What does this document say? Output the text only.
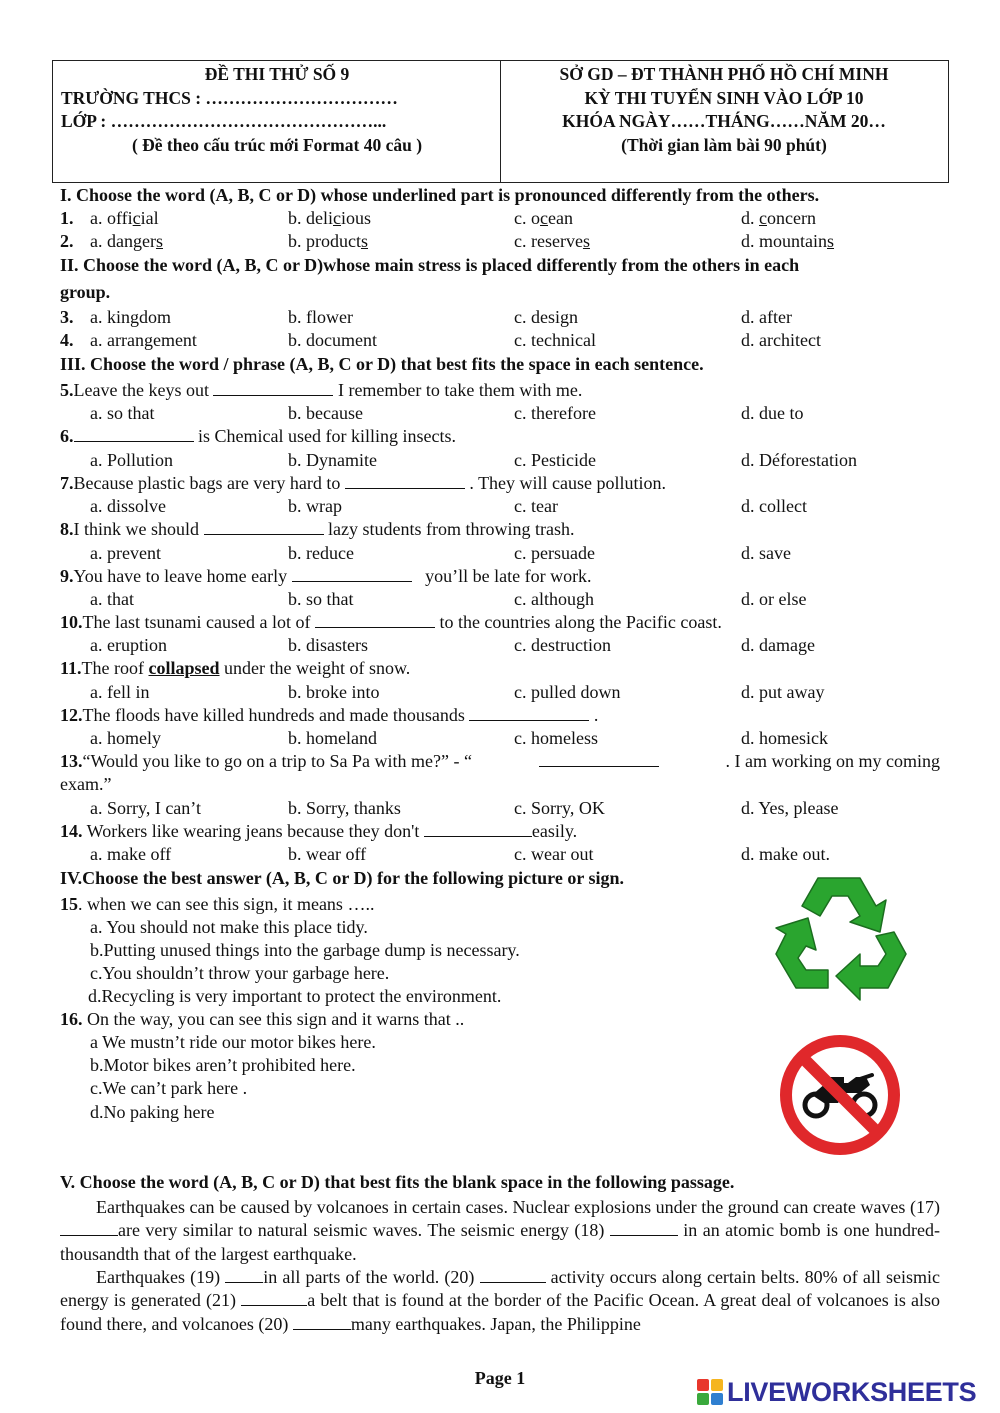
ĐỀ THI THỬ SỐ 9
TRƯỜNG THCS : ……………………………
LỚP : ………………………………………...
( Đề theo cấu trúc mới Format 40 câu )
SỞ GD – ĐT THÀNH PHỐ HỒ CHÍ MINH
KỲ THI TUYỂN SINH VÀO LỚP 10
KHÓA NGÀY……THÁNG……NĂM 20…
(Thời gian làm bài 90 phút)
I. Choose the word (A, B, C or D) whose underlined part is pronounced differently from the others.
1. a. official	b. delicious	c. ocean	d. concern
2. a. dangers	b. products	c. reserves	d. mountains
II. Choose the word (A, B, C or D)whose main stress is placed differently from the others in each
group.
3. a. kingdom	b. flower	c. design	d. after
4. a. arrangement	b. document	c. technical	d. architect
III. Choose the word / phrase (A, B, C or D) that best fits the space in each sentence.
5.Leave the keys out	I remember to take them with me.
a. so that	b. because	c. therefore	d. due to
6.	is Chemical used for killing insects.
a. Pollution	b. Dynamite	c. Pesticide	d. Déforestation
7.Because plastic bags are very hard to	. They will cause pollution.
a. dissolve	b. wrap	c. tear	d. collect
8.I think we should	lazy students from throwing trash.
a. prevent	b. reduce	c. persuade	d. save
9.You have to leave home early	you’ll be late for work.
a. that	b. so that	c. although	d. or else
10.The last tsunami caused a lot of	to the countries along the Pacific coast.
a. eruption	b. disasters	c. destruction	d. damage
11.The roof collapsed under the weight of snow.
a. fell in	b. broke into	c. pulled down	d. put away
12.The floods have killed hundreds and made thousands	.
a. homely	b. homeland	c. homeless	d. homesick
13.“Would you like to go on a trip to Sa Pa with me?” - “	. I am working on my coming
exam.”
a. Sorry, I can’t	b. Sorry, thanks	c. Sorry, OK	d. Yes, please
14. Workers like wearing jeans because they don't	easily.
a. make off	b. wear off	c. wear out	d. make out.
IV.Choose the best answer (A, B, C or D) for the following picture or sign.
15. when we can see this sign, it means …..
a. You should not make this place tidy.
b.Putting unused things into the garbage dump is necessary.
c.You shouldn’t throw your garbage here.
d.Recycling is very important to protect the environment.
16. On the way, you can see this sign and it warns that ..
a We mustn’t ride our motor bikes here.
b.Motor bikes aren’t prohibited here.
c.We can’t park here .
d.No paking here
V. Choose the word (A, B, C or D) that best fits the blank space in the following passage.
Earthquakes can be caused by volcanoes in certain cases. Nuclear explosions under the ground can create waves (17) are very similar to natural seismic waves. The seismic energy (18)	in an atomic bomb is one hundred-thousandth that of the largest earthquake.
Earthquakes (19) in all parts of the world. (20)	activity occurs along certain belts. 80% of all seismic energy is generated (21)	a belt that is found at the border of the Pacific Ocean. A great deal of volcanoes is also found there, and volcanoes (20)	many earthquakes. Japan, the Philippine
Page 1	LIVEWORKSHEETS
